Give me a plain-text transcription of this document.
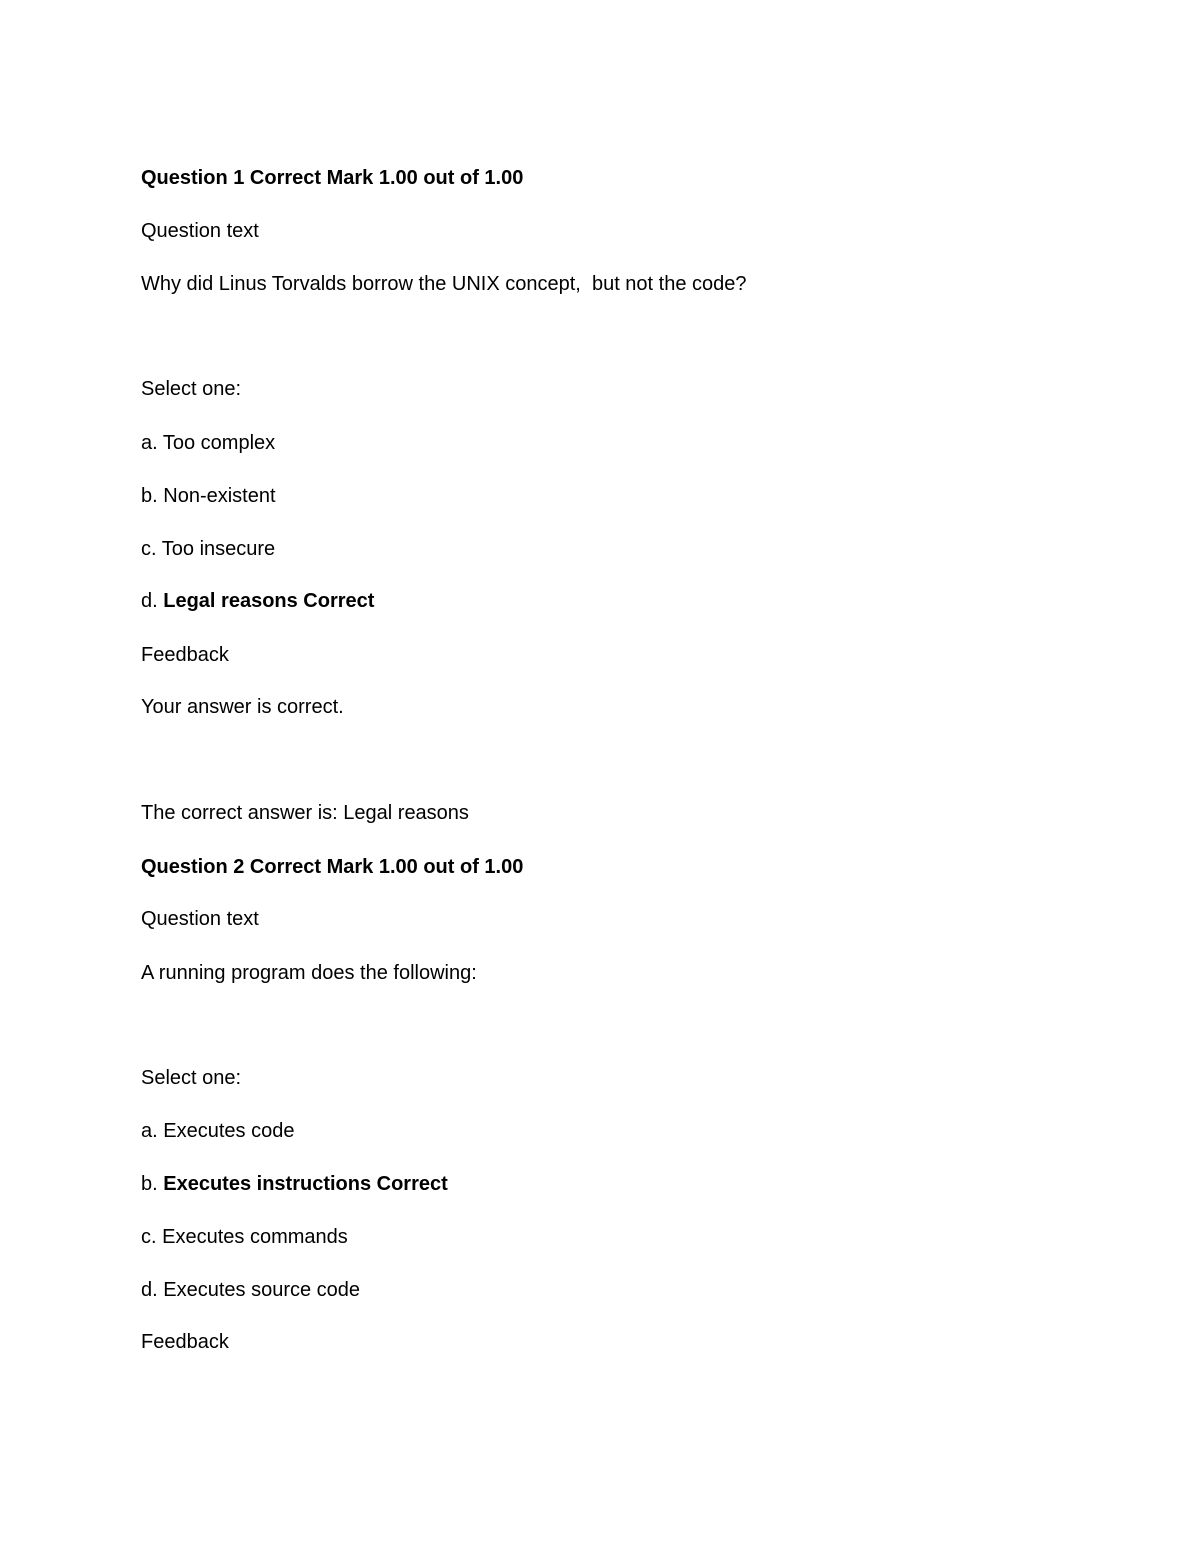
Question 1 Correct Mark 1.00 out of 1.00

Question text

Why did Linus Torvalds borrow the UNIX concept,  but not the code?

Select one:

a. Too complex

b. Non-existent

c. Too insecure

d. Legal reasons Correct

Feedback

Your answer is correct.

The correct answer is: Legal reasons

Question 2 Correct Mark 1.00 out of 1.00

Question text

A running program does the following:

Select one:

a. Executes code

b. Executes instructions Correct

c. Executes commands

d. Executes source code

Feedback
